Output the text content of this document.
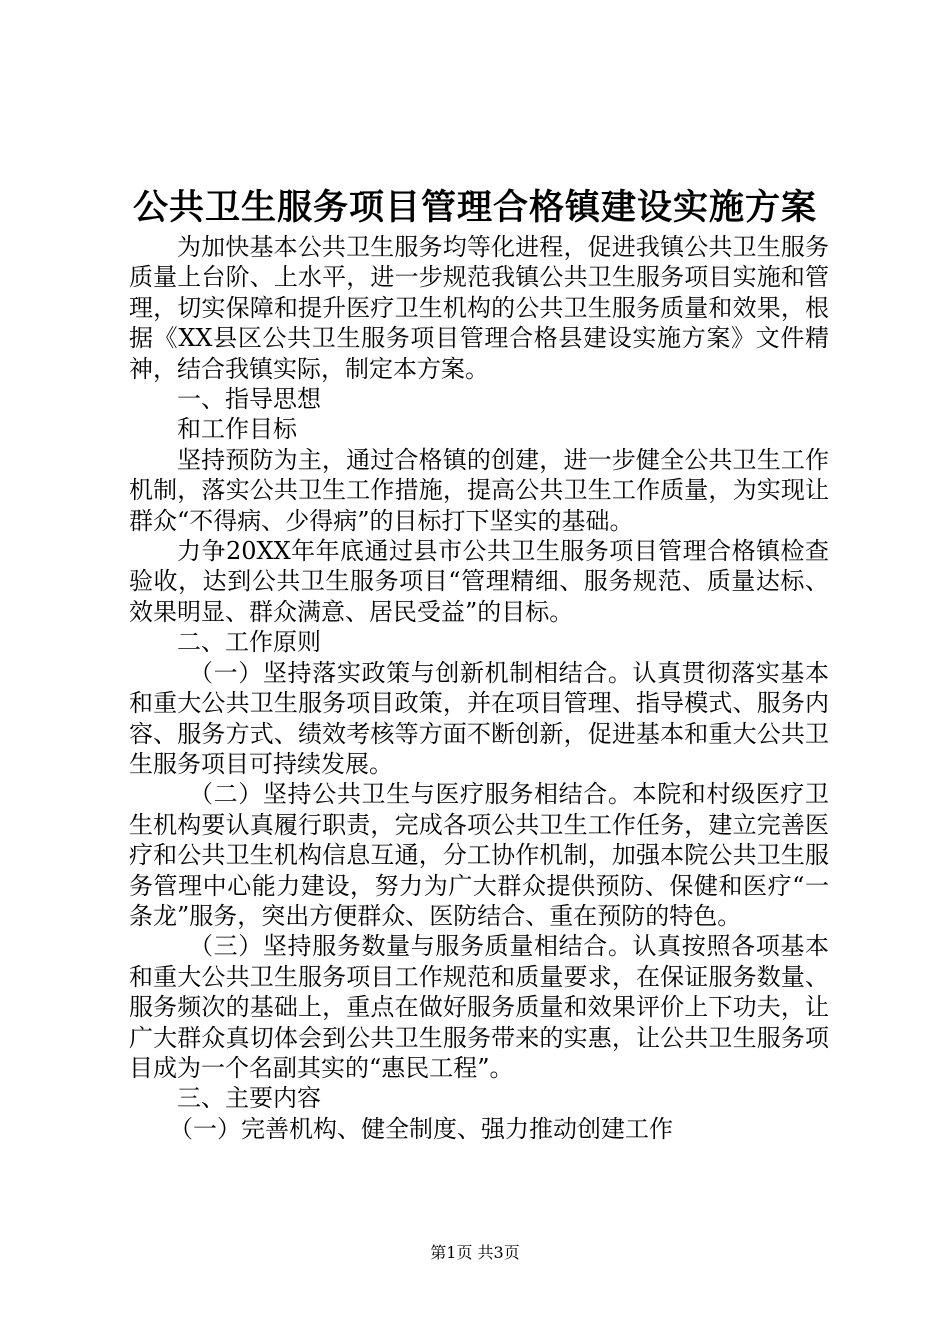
公共卫生服务项目管理合格镇建设实施方案

为加快基本公共卫生服务均等化进程，促进我镇公共卫生服务质量上台阶、上水平，进一步规范我镇公共卫生服务项目实施和管理，切实保障和提升医疗卫生机构的公共卫生服务质量和效果，根据《XX县区公共卫生服务项目管理合格县建设实施方案》文件精神，结合我镇实际，制定本方案。

一、指导思想

和工作目标

坚持预防为主，通过合格镇的创建，进一步健全公共卫生工作机制，落实公共卫生工作措施，提高公共卫生工作质量，为实现让群众“不得病、少得病”的目标打下坚实的基础。

力争20XX年年底通过县市公共卫生服务项目管理合格镇检查验收，达到公共卫生服务项目“管理精细、服务规范、质量达标、效果明显、群众满意、居民受益”的目标。

二、工作原则

（一）坚持落实政策与创新机制相结合。认真贯彻落实基本和重大公共卫生服务项目政策，并在项目管理、指导模式、服务内容、服务方式、绩效考核等方面不断创新，促进基本和重大公共卫生服务项目可持续发展。

（二）坚持公共卫生与医疗服务相结合。本院和村级医疗卫生机构要认真履行职责，完成各项公共卫生工作任务，建立完善医疗和公共卫生机构信息互通，分工协作机制，加强本院公共卫生服务管理中心能力建设，努力为广大群众提供预防、保健和医疗“一条龙”服务，突出方便群众、医防结合、重在预防的特色。

（三）坚持服务数量与服务质量相结合。认真按照各项基本和重大公共卫生服务项目工作规范和质量要求，在保证服务数量、服务频次的基础上，重点在做好服务质量和效果评价上下功夫，让广大群众真切体会到公共卫生服务带来的实惠，让公共卫生服务项目成为一个名副其实的“惠民工程”。

三、主要内容

（一）完善机构、健全制度、强力推动创建工作

第1页 共3页
